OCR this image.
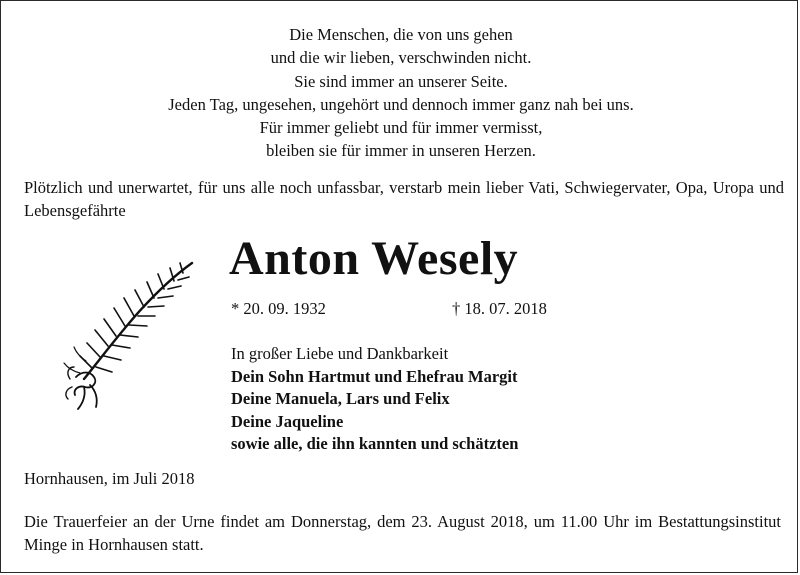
Die Menschen, die von uns gehen
und die wir lieben, verschwinden nicht.
Sie sind immer an unserer Seite.
Jeden Tag, ungesehen, ungehört und dennoch immer ganz nah bei uns.
Für immer geliebt und für immer vermisst,
bleiben sie für immer in unseren Herzen.
Plötzlich und unerwartet, für uns alle noch unfassbar, verstarb mein lieber Vati, Schwiegervater, Opa, Uropa und Lebensgefährte
Anton Wesely
* 20. 09. 1932	† 18. 07. 2018
In großer Liebe und Dankbarkeit
Dein Sohn Hartmut und Ehefrau Margit
Deine Manuela, Lars und Felix
Deine Jaqueline
sowie alle, die ihn kannten und schätzten
Hornhausen, im Juli 2018
Die Trauerfeier an der Urne findet am Donnerstag, dem 23. August 2018, um 11.00 Uhr im Bestattungsinstitut Minge in Hornhausen statt.
